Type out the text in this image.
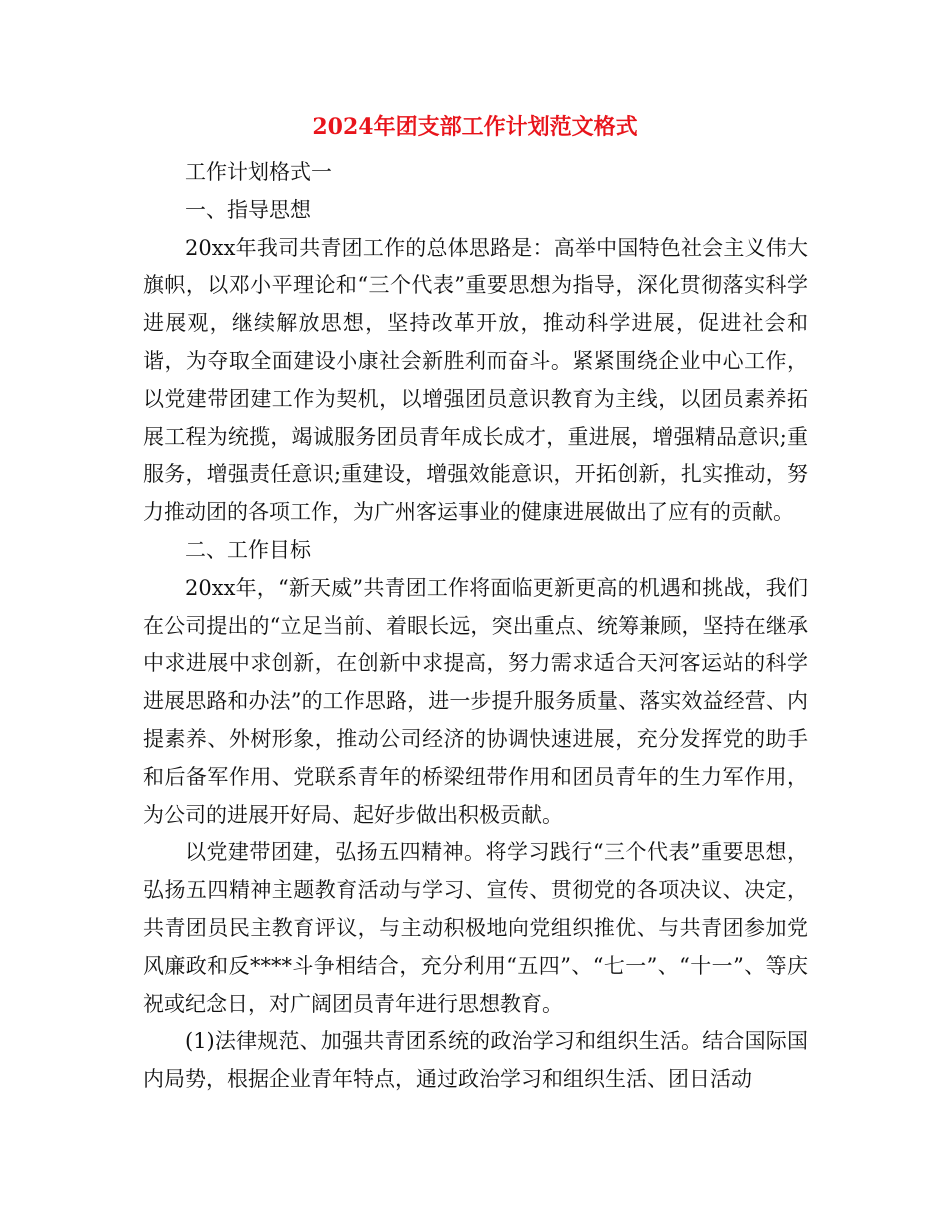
2024年团支部工作计划范文格式

工作计划格式一

一、指导思想

20xx年我司共青团工作的总体思路是：高举中国特色社会主义伟大旗帜，以邓小平理论和“三个代表”重要思想为指导，深化贯彻落实科学进展观，继续解放思想，坚持改革开放，推动科学进展，促进社会和谐，为夺取全面建设小康社会新胜利而奋斗。紧紧围绕企业中心工作，以党建带团建工作为契机，以增强团员意识教育为主线，以团员素养拓展工程为统揽，竭诚服务团员青年成长成才，重进展，增强精品意识;重服务，增强责任意识;重建设，增强效能意识，开拓创新，扎实推动，努力推动团的各项工作，为广州客运事业的健康进展做出了应有的贡献。

二、工作目标

20xx年，“新天威”共青团工作将面临更新更高的机遇和挑战，我们在公司提出的“立足当前、着眼长远，突出重点、统筹兼顾，坚持在继承中求进展中求创新，在创新中求提高，努力需求适合天河客运站的科学进展思路和办法”的工作思路，进一步提升服务质量、落实效益经营、内提素养、外树形象，推动公司经济的协调快速进展，充分发挥党的助手和后备军作用、党联系青年的桥梁纽带作用和团员青年的生力军作用，为公司的进展开好局、起好步做出积极贡献。

以党建带团建，弘扬五四精神。将学习践行“三个代表”重要思想，弘扬五四精神主题教育活动与学习、宣传、贯彻党的各项决议、决定，共青团员民主教育评议，与主动积极地向党组织推优、与共青团参加党风廉政和反****斗争相结合，充分利用“五四”、“七一”、“十一”、等庆祝或纪念日，对广阔团员青年进行思想教育。

(1)法律规范、加强共青团系统的政治学习和组织生活。结合国际国内局势，根据企业青年特点，通过政治学习和组织生活、团日活动
